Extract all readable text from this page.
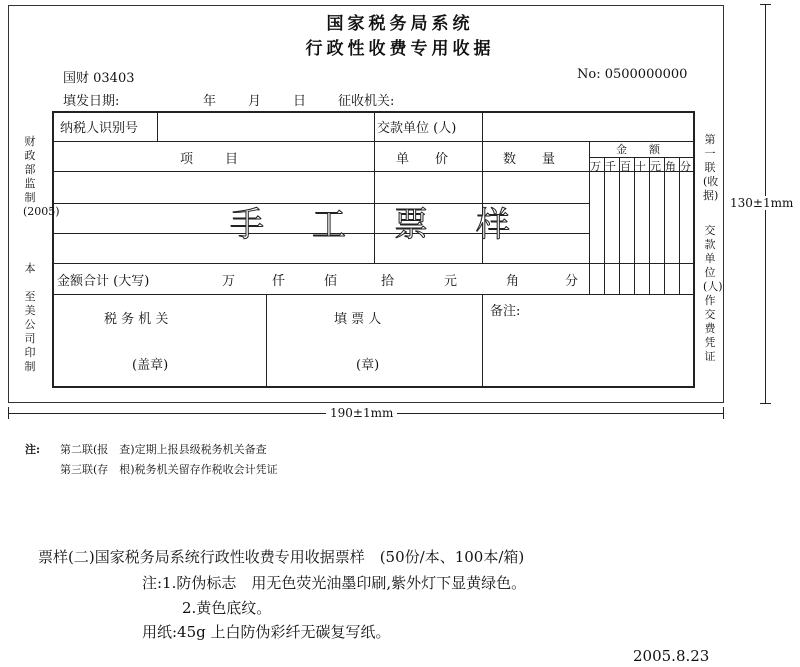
国家税务局系统
行政性收费专用收据
国财 03403	No: 0500000000
填发日期:	年 月 日 征收机关:
纳税人识别号	交款单位 (人)
项　　目	单　　价	数　　量
金　　额
万 千 百 十 元 角 分
手 工 票 样
金额合计 (大写)	万	仟	佰	拾	元	角	分
税 务 机 关
(盖章)
填 票 人
(章)
备注:
财政部监制(2005)
本
至美公司印制
第一联(收据)
交款单位(人)作交费凭证
130±1mm
190±1mm
注: 第二联(报　查)定期上报县级税务机关备查
第三联(存　根)税务机关留存作税收会计凭证
票样(二)国家税务局系统行政性收费专用收据票样　(50份/本、100本/箱)
注:1.防伪标志　用无色荧光油墨印刷,紫外灯下显黄绿色。
2.黄色底纹。
用纸:45g 上白防伪彩纤无碳复写纸。
2005.8.23
